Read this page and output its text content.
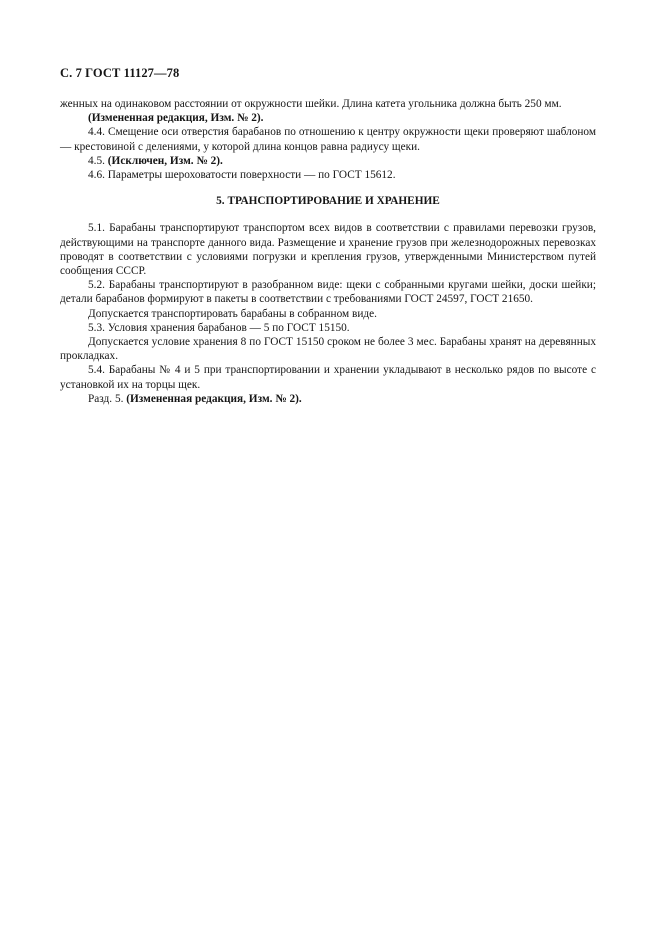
С. 7 ГОСТ 11127—78

женных на одинаковом расстоянии от окружности шейки. Длина катета угольника должна быть 250 мм.

(Измененная редакция, Изм. № 2).

4.4. Смещение оси отверстия барабанов по отношению к центру окружности щеки проверяют шаблоном — крестовиной с делениями, у которой длина концов равна радиусу щеки.

4.5. (Исключен, Изм. № 2).

4.6. Параметры шероховатости поверхности — по ГОСТ 15612.

5. ТРАНСПОРТИРОВАНИЕ И ХРАНЕНИЕ

5.1. Барабаны транспортируют транспортом всех видов в соответствии с правилами перевозки грузов, действующими на транспорте данного вида. Размещение и хранение грузов при железнодорожных перевозках проводят в соответствии с условиями погрузки и крепления грузов, утвержденными Министерством путей сообщения СССР.

5.2. Барабаны транспортируют в разобранном виде: щеки с собранными кругами шейки, доски шейки; детали барабанов формируют в пакеты в соответствии с требованиями ГОСТ 24597, ГОСТ 21650.

Допускается транспортировать барабаны в собранном виде.

5.3. Условия хранения барабанов — 5 по ГОСТ 15150.

Допускается условие хранения 8 по ГОСТ 15150 сроком не более 3 мес. Барабаны хранят на деревянных прокладках.

5.4. Барабаны № 4 и 5 при транспортировании и хранении укладывают в несколько рядов по высоте с установкой их на торцы щек.

Разд. 5. (Измененная редакция, Изм. № 2).
